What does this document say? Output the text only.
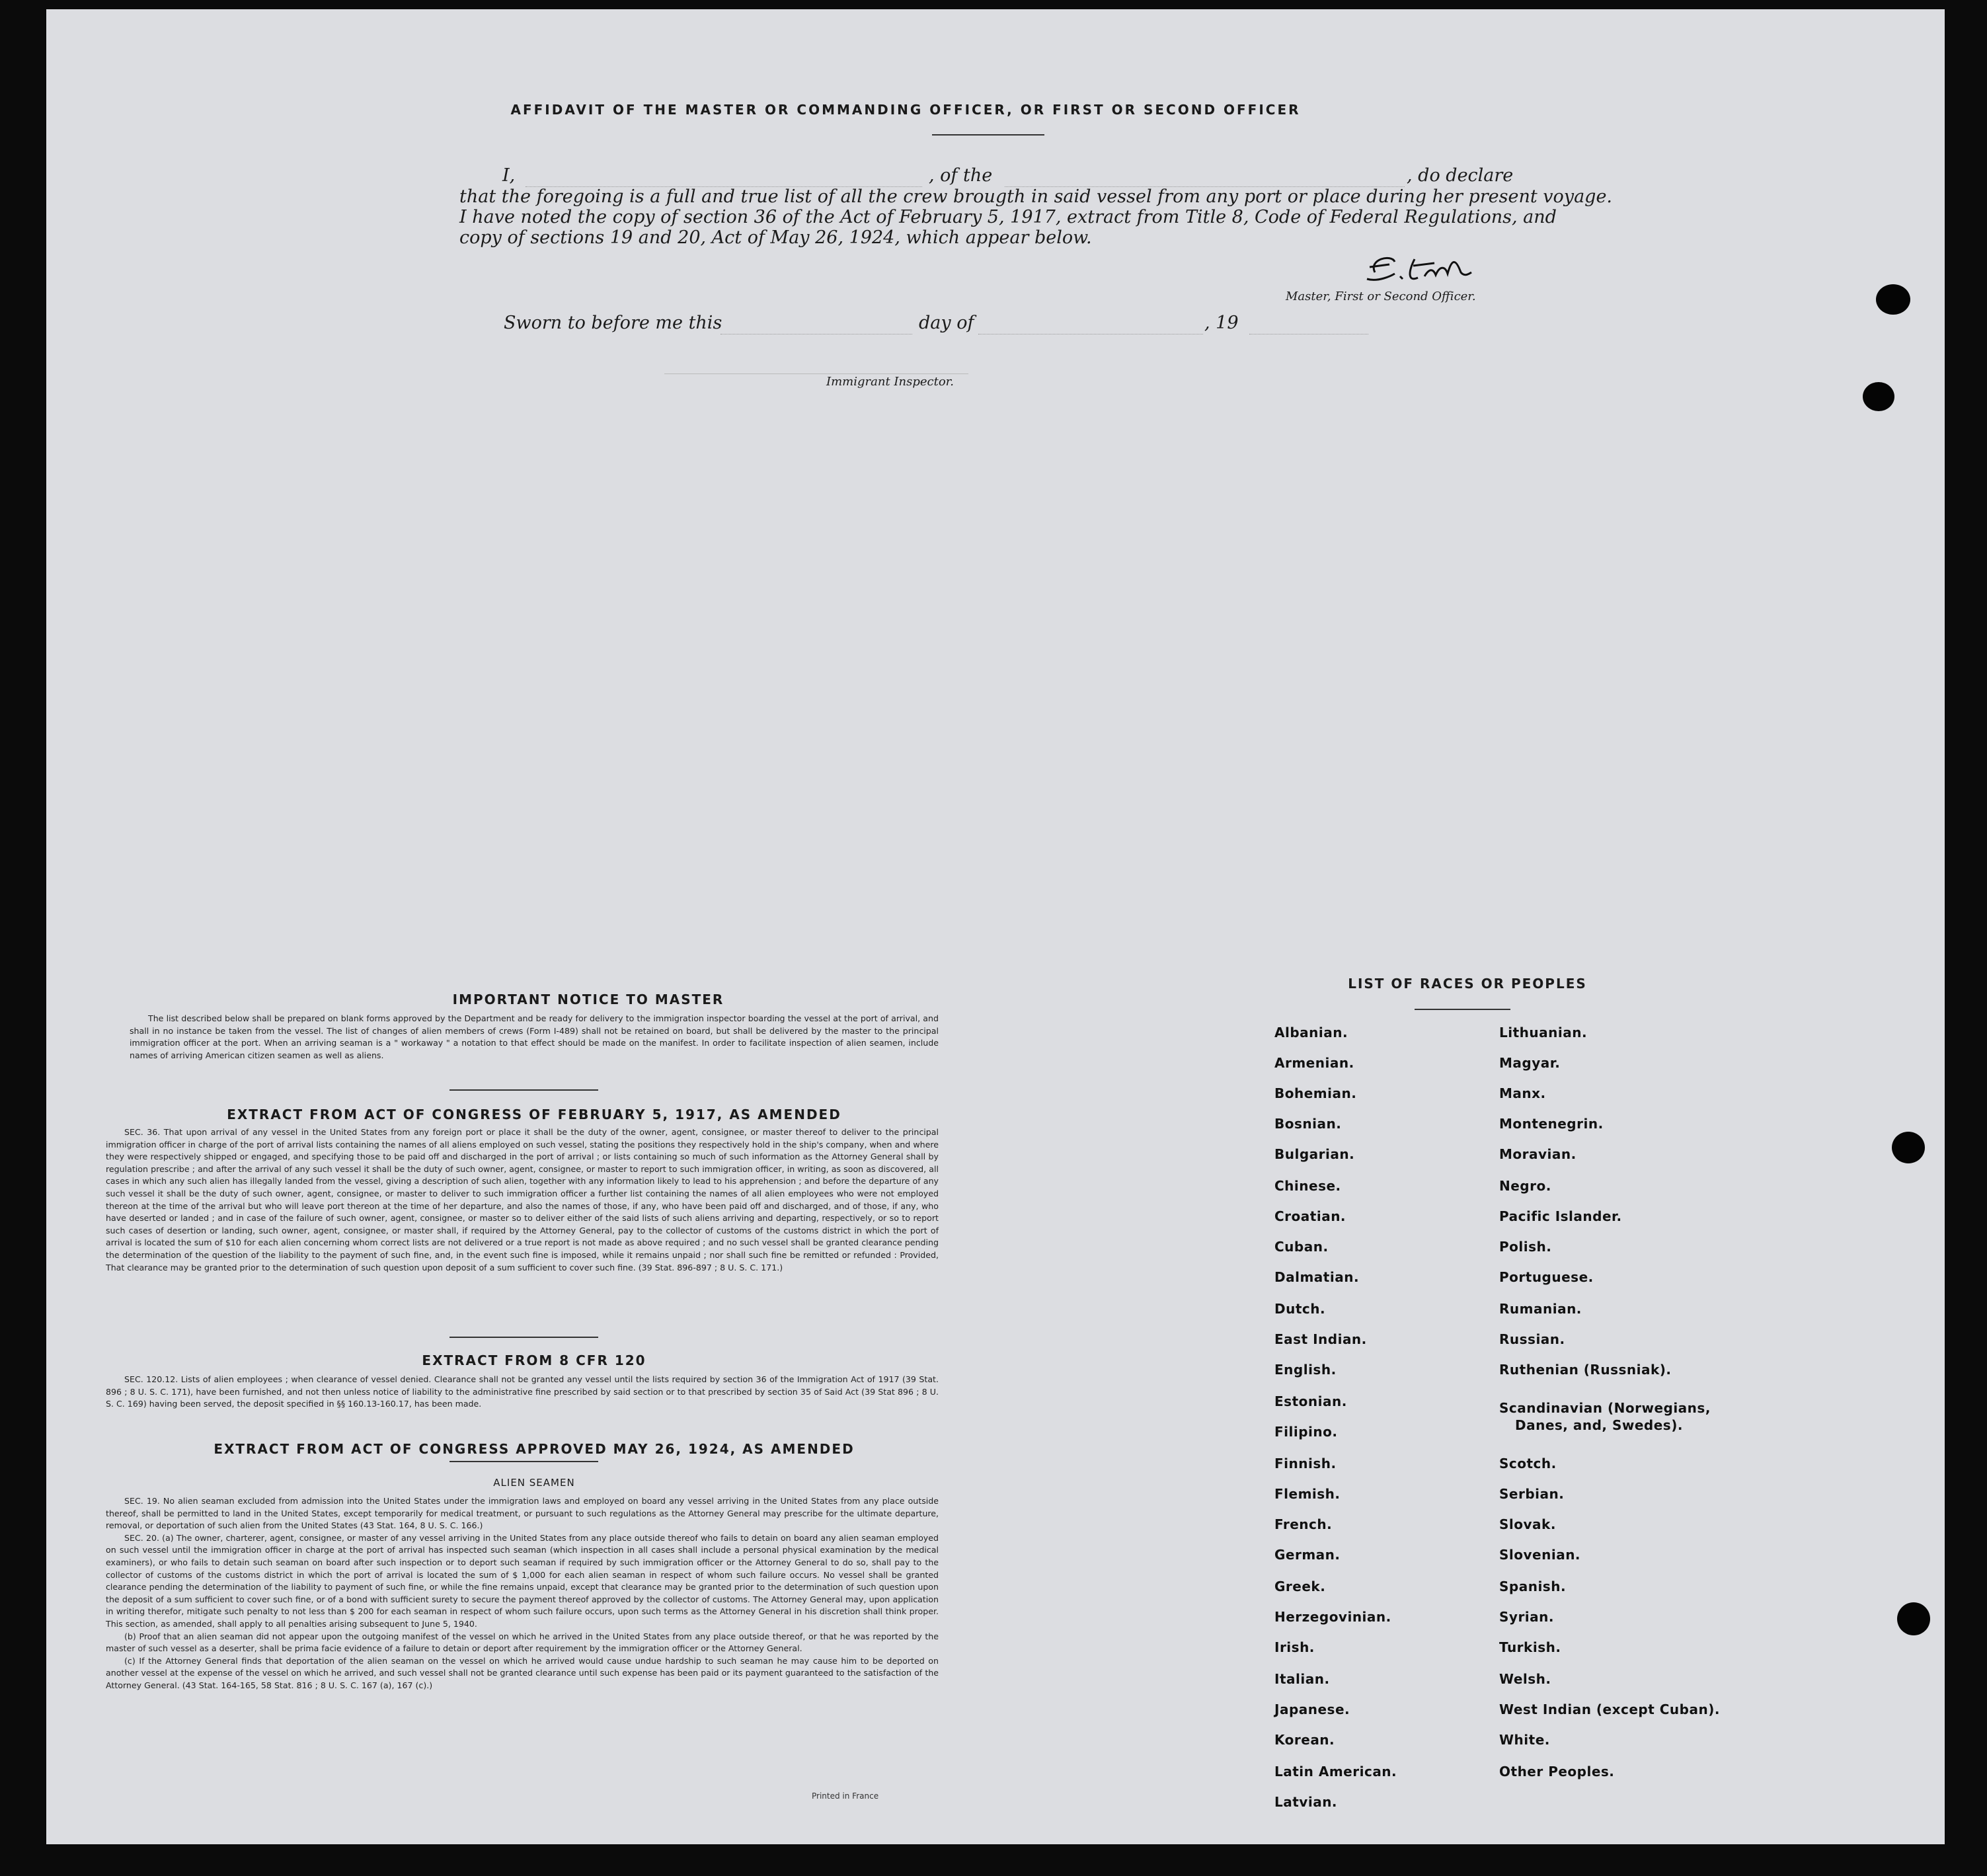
AFFIDAVIT OF THE MASTER OR COMMANDING OFFICER, OR FIRST OR SECOND OFFICER
I,	, of the	, do declare
that the foregoing is a full and true list of all the crew brougth in said vessel from any port or place during her present voyage.
I have noted the copy of section 36 of the Act of February 5, 1917, extract from Title 8, Code of Federal Regulations, and
copy of sections 19 and 20, Act of May 26, 1924, which appear below.
Master, First or Second Officer.
Sworn to before me this	day of	, 19
Immigrant Inspector.
IMPORTANT NOTICE TO MASTER

The list described below shall be prepared on blank forms approved by the Department and be ready for delivery to the immigration inspector boarding the vessel at the port of arrival, and shall in no instance be taken from the vessel. The list of changes of alien members of crews (Form I-489) shall not be retained on board, but shall be delivered by the master to the principal immigration officer at the port. When an arriving seaman is a " workaway " a notation to that effect should be made on the manifest. In order to facilitate inspection of alien seamen, include names of arriving American citizen seamen as well as aliens.

EXTRACT FROM ACT OF CONGRESS OF FEBRUARY 5, 1917, AS AMENDED

SEC. 36. That upon arrival of any vessel in the United States from any foreign port or place it shall be the duty of the owner, agent, consignee, or master thereof to deliver to the principal immigration officer in charge of the port of arrival lists containing the names of all aliens employed on such vessel, stating the positions they respectively hold in the ship's company, when and where they were respectively shipped or engaged, and specifying those to be paid off and discharged in the port of arrival ; or lists containing so much of such information as the Attorney General shall by regulation prescribe ; and after the arrival of any such vessel it shall be the duty of such owner, agent, consignee, or master to report to such immigration officer, in writing, as soon as discovered, all cases in which any such alien has illegally landed from the vessel, giving a description of such alien, together with any information likely to lead to his apprehension ; and before the departure of any such vessel it shall be the duty of such owner, agent, consignee, or master to deliver to such immigration officer a further list containing the names of all alien employees who were not employed thereon at the time of the arrival but who will leave port thereon at the time of her departure, and also the names of those, if any, who have been paid off and discharged, and of those, if any, who have deserted or landed ; and in case of the failure of such owner, agent, consignee, or master so to deliver either of the said lists of such aliens arriving and departing, respectively, or so to report such cases of desertion or landing, such owner, agent, consignee, or master shall, if required by the Attorney General, pay to the collector of customs of the customs district in which the port of arrival is located the sum of $10 for each alien concerning whom correct lists are not delivered or a true report is not made as above required ; and no such vessel shall be granted clearance pending the determination of the question of the liability to the payment of such fine, and, in the event such fine is imposed, while it remains unpaid ; nor shall such fine be remitted or refunded : Provided, That clearance may be granted prior to the determination of such question upon deposit of a sum sufficient to cover such fine. (39 Stat. 896-897 ; 8 U. S. C. 171.)

EXTRACT FROM 8 CFR 120

SEC. 120.12. Lists of alien employees ; when clearance of vessel denied. Clearance shall not be granted any vessel until the lists required by section 36 of the Immigration Act of 1917 (39 Stat. 896 ; 8 U. S. C. 171), have been furnished, and not then unless notice of liability to the administrative fine prescribed by said section or to that prescribed by section 35 of Said Act (39 Stat 896 ; 8 U. S. C. 169) having been served, the deposit specified in §§ 160.13-160.17, has been made.

EXTRACT FROM ACT OF CONGRESS APPROVED MAY 26, 1924, AS AMENDED
ALIEN SEAMEN

SEC. 19. No alien seaman excluded from admission into the United States under the immigration laws and employed on board any vessel arriving in the United States from any place outside thereof, shall be permitted to land in the United States, except temporarily for medical treatment, or pursuant to such regulations as the Attorney General may prescribe for the ultimate departure, removal, or deportation of such alien from the United States (43 Stat. 164, 8 U. S. C. 166.)

SEC. 20. (a) The owner, charterer, agent, consignee, or master of any vessel arriving in the United States from any place outside thereof who fails to detain on board any alien seaman employed on such vessel until the immigration officer in charge at the port of arrival has inspected such seaman (which inspection in all cases shall include a personal physical examination by the medical examiners), or who fails to detain such seaman on board after such inspection or to deport such seaman if required by such immigration officer or the Attorney General to do so, shall pay to the collector of customs of the customs district in which the port of arrival is located the sum of $ 1,000 for each alien seaman in respect of whom such failure occurs. No vessel shall be granted clearance pending the determination of the liability to payment of such fine, or while the fine remains unpaid, except that clearance may be granted prior to the determination of such question upon the deposit of a sum sufficient to cover such fine, or of a bond with sufficient surety to secure the payment thereof approved by the collector of customs. The Attorney General may, upon application in writing therefor, mitigate such penalty to not less than $ 200 for each seaman in respect of whom such failure occurs, upon such terms as the Attorney General in his discretion shall think proper. This section, as amended, shall apply to all penalties arising subsequent to June 5, 1940.

(b) Proof that an alien seaman did not appear upon the outgoing manifest of the vessel on which he arrived in the United States from any place outside thereof, or that he was reported by the master of such vessel as a deserter, shall be prima facie evidence of a failure to detain or deport after requirement by the immigration officer or the Attorney General.

(c) If the Attorney General finds that deportation of the alien seaman on the vessel on which he arrived would cause undue hardship to such seaman he may cause him to be deported on another vessel at the expense of the vessel on which he arrived, and such vessel shall not be granted clearance until such expense has been paid or its payment guaranteed to the satisfaction of the Attorney General. (43 Stat. 164-165, 58 Stat. 816 ; 8 U. S. C. 167 (a), 167 (c).)

Printed in France
LIST OF RACES OR PEOPLES
Albanian.
Armenian.
Bohemian.
Bosnian.
Bulgarian.
Chinese.
Croatian.
Cuban.
Dalmatian.
Dutch.
East Indian.
English.
Estonian.
Filipino.
Finnish.
Flemish.
French.
German.
Greek.
Herzegovinian.
Irish.
Italian.
Japanese.
Korean.
Latin American.
Latvian.
Lithuanian.
Magyar.
Manx.
Montenegrin.
Moravian.
Negro.
Pacific Islander.
Polish.
Portuguese.
Rumanian.
Russian.
Ruthenian (Russniak).
Scandinavian (Norwegians,
Danes, and, Swedes).
Scotch.
Serbian.
Slovak.
Slovenian.
Spanish.
Syrian.
Turkish.
Welsh.
West Indian (except Cuban).
White.
Other Peoples.
